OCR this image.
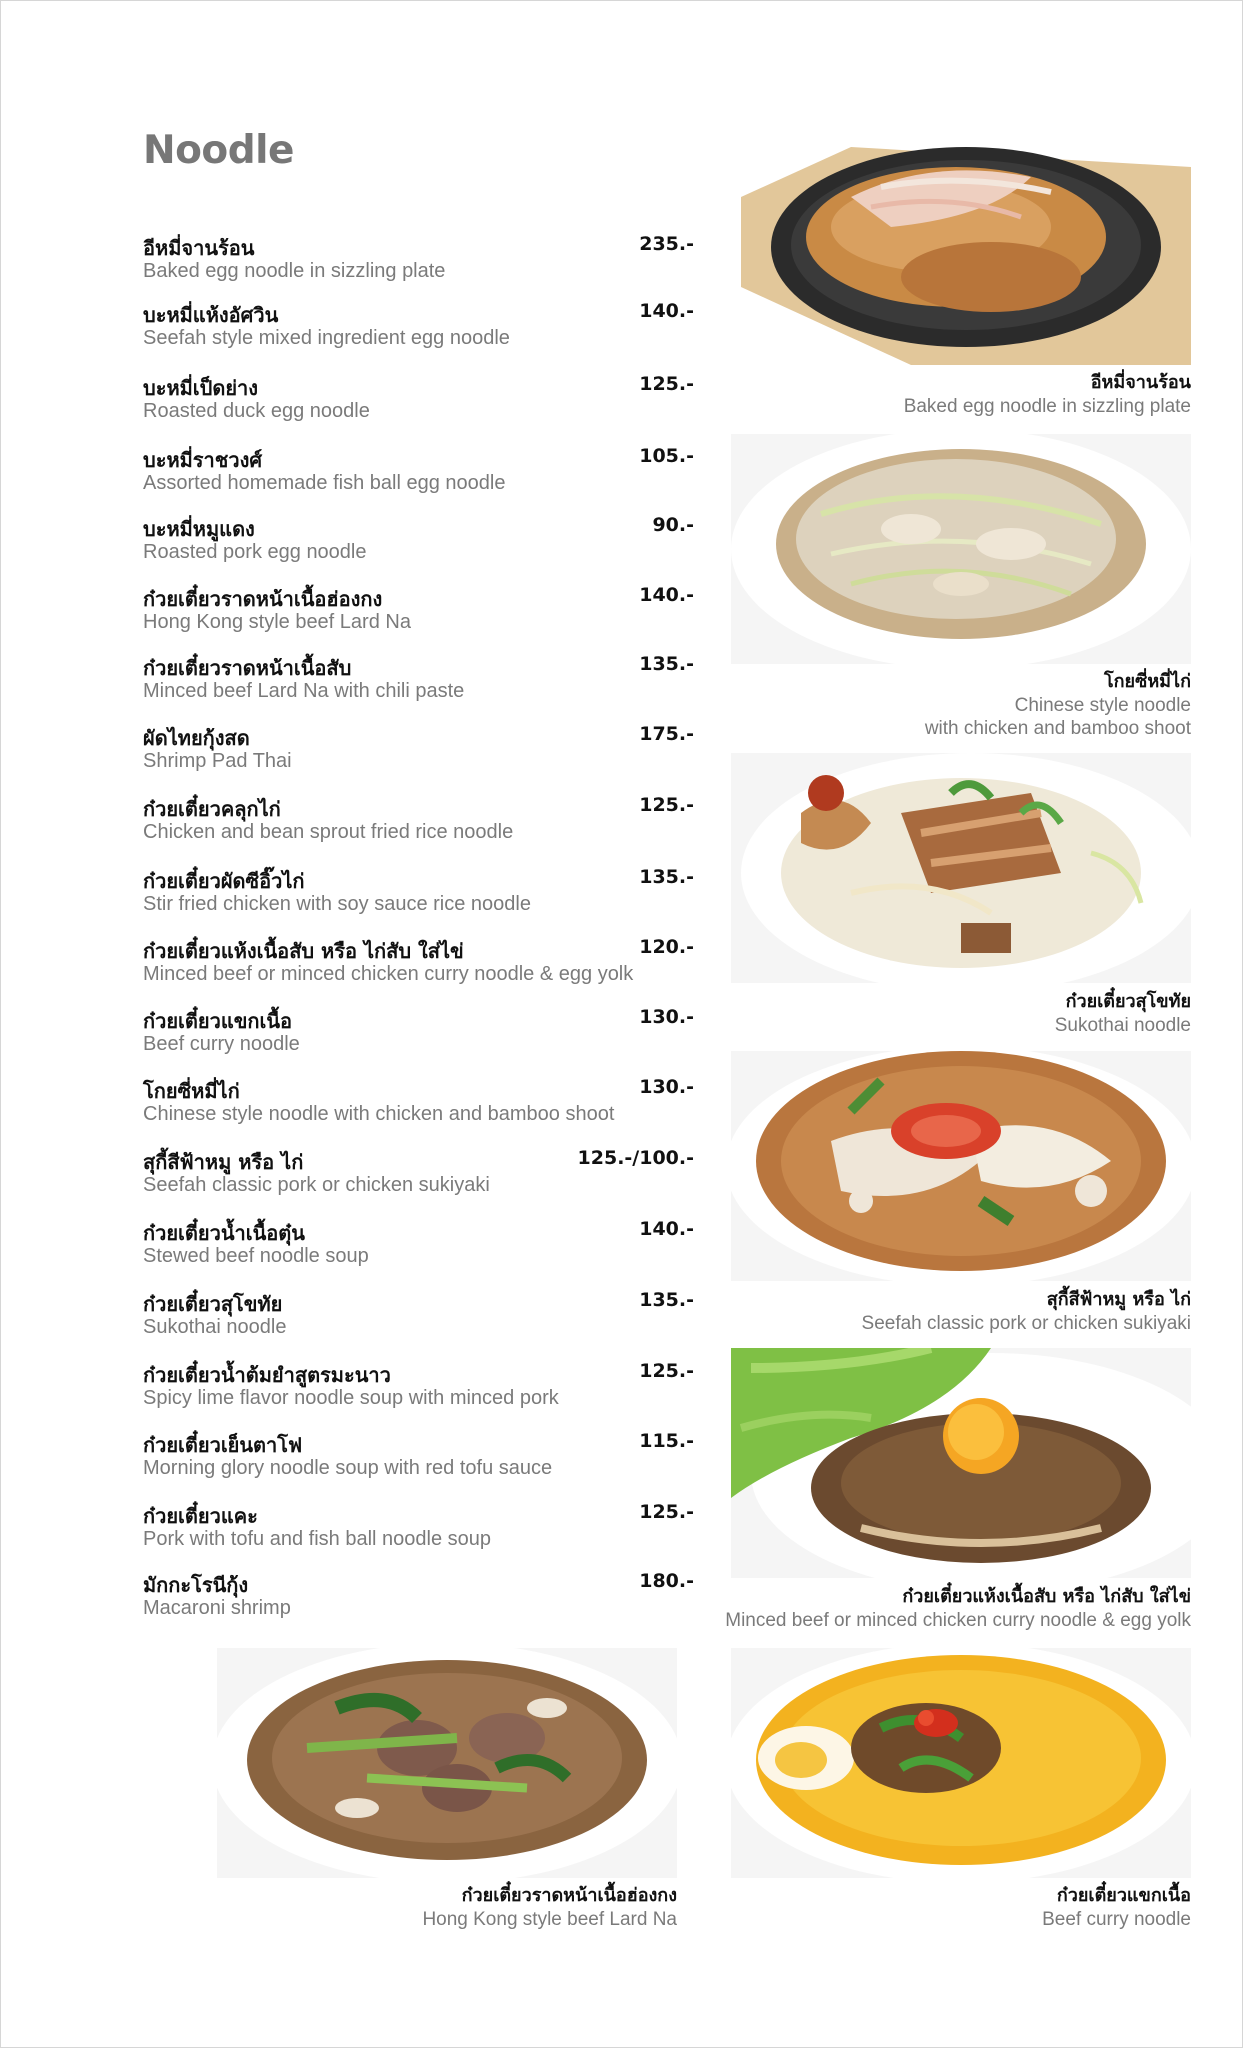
Noodle
อีหมี่จานร้อน	235.-
Baked egg noodle in sizzling plate
บะหมี่แห้งอัศวิน	140.-
Seefah style mixed ingredient egg noodle
บะหมี่เป็ดย่าง	125.-
Roasted duck egg noodle
บะหมี่ราชวงศ์	105.-
Assorted homemade fish ball egg noodle
บะหมี่หมูแดง	90.-
Roasted pork egg noodle
ก๋วยเตี๋ยวราดหน้าเนื้อฮ่องกง	140.-
Hong Kong style beef Lard Na
ก๋วยเตี๋ยวราดหน้าเนื้อสับ	135.-
Minced beef Lard Na with chili paste
ผัดไทยกุ้งสด	175.-
Shrimp Pad Thai
ก๋วยเตี๋ยวคลุกไก่	125.-
Chicken and bean sprout fried rice noodle
ก๋วยเตี๋ยวผัดซีอิ๊วไก่	135.-
Stir fried chicken with soy sauce rice noodle
ก๋วยเตี๋ยวแห้งเนื้อสับ หรือ ไก่สับ ใส่ไข่	120.-
Minced beef or minced chicken curry noodle & egg yolk
ก๋วยเตี๋ยวแขกเนื้อ	130.-
Beef curry noodle
โกยซี่หมี่ไก่	130.-
Chinese style noodle with chicken and bamboo shoot
สุกี้สีฟ้าหมู หรือ ไก่	125.-/100.-
Seefah classic pork or chicken sukiyaki
ก๋วยเตี๋ยวน้ำเนื้อตุ๋น	140.-
Stewed beef noodle soup
ก๋วยเตี๋ยวสุโขทัย	135.-
Sukothai noodle
ก๋วยเตี๋ยวน้ำต้มยำสูตรมะนาว	125.-
Spicy lime flavor noodle soup with minced pork
ก๋วยเตี๋ยวเย็นตาโฟ	115.-
Morning glory noodle soup with red tofu sauce
ก๋วยเตี๋ยวแคะ	125.-
Pork with tofu and fish ball noodle soup
มักกะโรนีกุ้ง	180.-
Macaroni shrimp
อีหมี่จานร้อน
Baked egg noodle in sizzling plate
โกยซี่หมี่ไก่
Chinese style noodle
with chicken and bamboo shoot
ก๋วยเตี๋ยวสุโขทัย
Sukothai noodle
สุกี้สีฟ้าหมู หรือ ไก่
Seefah classic pork or chicken sukiyaki
ก๋วยเตี๋ยวแห้งเนื้อสับ หรือ ไก่สับ ใส่ไข่
Minced beef or minced chicken curry noodle & egg yolk
ก๋วยเตี๋ยวราดหน้าเนื้อฮ่องกง
Hong Kong style beef Lard Na
ก๋วยเตี๋ยวแขกเนื้อ
Beef curry noodle
